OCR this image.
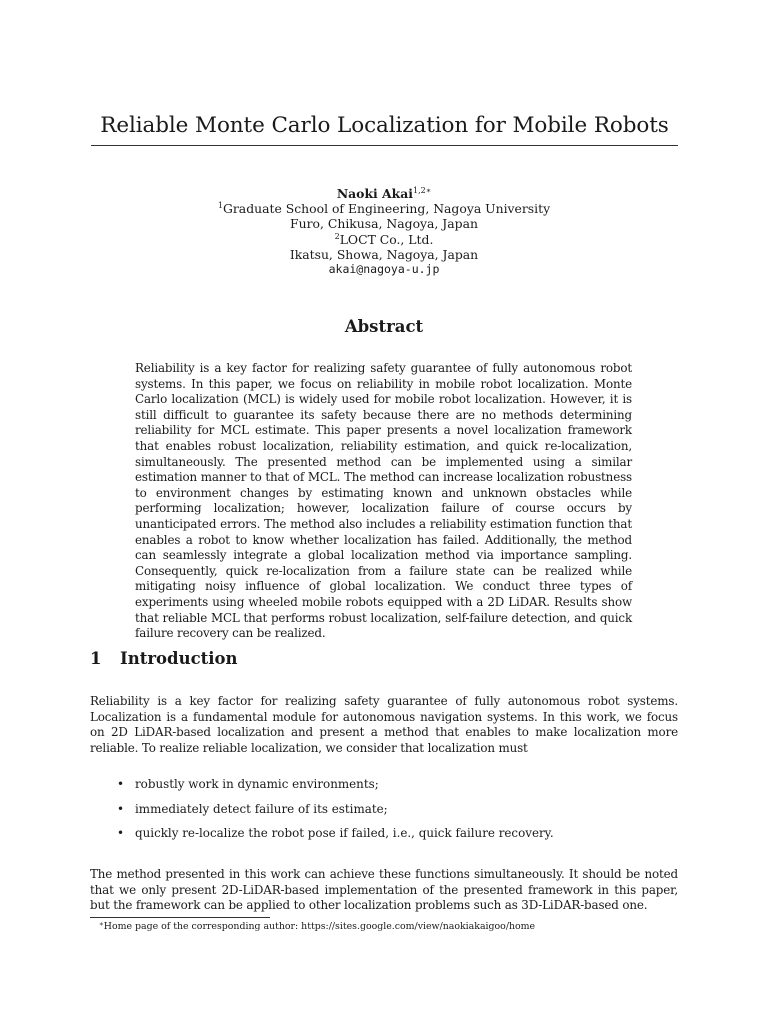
Reliable Monte Carlo Localization for Mobile Robots
Naoki Akai$^{1,2∗}$
$^1$Graduate School of Engineering, Nagoya University
Furo, Chikusa, Nagoya, Japan
$^2$LOCT Co., Ltd.
Ikatsu, Showa, Nagoya, Japan
akai@nagoya-u.jp
Abstract
Reliability is a key factor for realizing safety guarantee of fully autonomous robot systems. In this paper, we focus on reliability in mobile robot localization. Monte Carlo localization (MCL) is widely used for mobile robot localization. However, it is still difficult to guarantee its safety because there are no methods determining reliability for MCL estimate. This paper presents a novel localization framework that enables robust localization, reliability estimation, and quick re-localization, simultaneously. The presented method can be implemented using a similar estimation manner to that of MCL. The method can increase localization robustness to environment changes by estimating known and unknown obstacles while performing localization; however, localization failure of course occurs by unanticipated errors. The method also includes a reliability estimation function that enables a robot to know whether localization has failed. Additionally, the method can seamlessly integrate a global localization method via importance sampling. Consequently, quick re-localization from a failure state can be realized while mitigating noisy influence of global localization. We conduct three types of experiments using wheeled mobile robots equipped with a 2D LiDAR. Results show that reliable MCL that performs robust localization, self-failure detection, and quick failure recovery can be realized.
1 Introduction
Reliability is a key factor for realizing safety guarantee of fully autonomous robot systems. Localization is a fundamental module for autonomous navigation systems. In this work, we focus on 2D LiDAR-based localization and present a method that enables to make localization more reliable. To realize reliable localization, we consider that localization must
• robustly work in dynamic environments;
• immediately detect failure of its estimate;
• quickly re-localize the robot pose if failed, i.e., quick failure recovery.
The method presented in this work can achieve these functions simultaneously. It should be noted that we only present 2D-LiDAR-based implementation of the presented framework in this paper, but the framework can be applied to other localization problems such as 3D-LiDAR-based one.
∗Home page of the corresponding author: https://sites.google.com/view/naokiakaigoo/home
